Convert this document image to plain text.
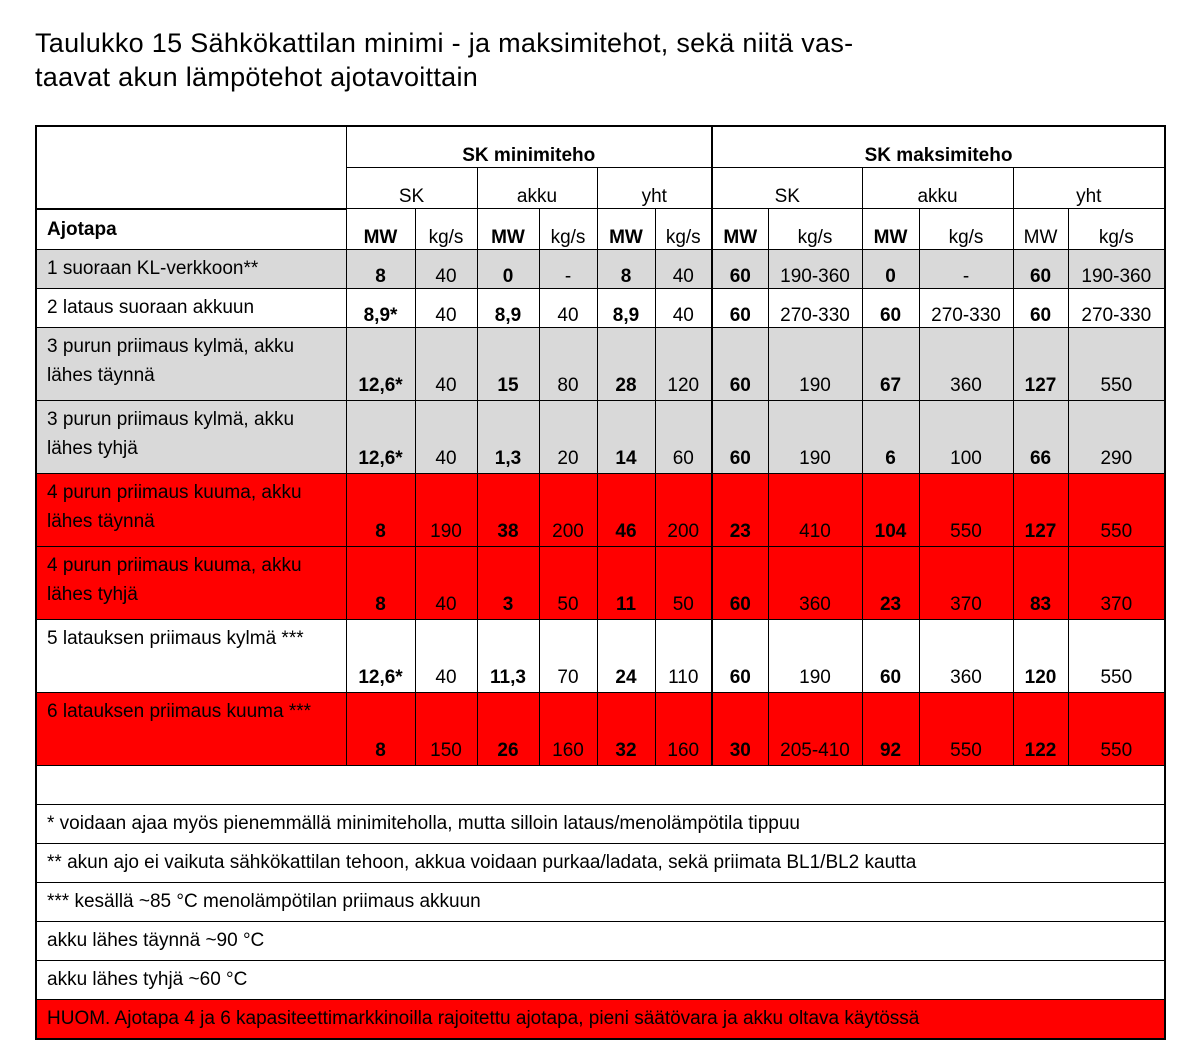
Taulukko 15 Sähkökattilan minimi - ja maksimitehot, sekä niitä vas-
taavat akun lämpötehot ajotavoittain
	SK minimiteho						SK maksimiteho					
	SK		akku		yht		SK		akku		yht	
Ajotapa	MW	kg/s	MW	kg/s	MW	kg/s	MW	kg/s	MW	kg/s	MW	kg/s
1 suoraan KL-verkkoon**	8	40	0	-	8	40	60	190-360	0	-	60	190-360
2 lataus suoraan akkuun	8,9*	40	8,9	40	8,9	40	60	270-330	60	270-330	60	270-330
3 purun priimaus kylmä, akku lähes täynnä	12,6*	40	15	80	28	120	60	190	67	360	127	550
3 purun priimaus kylmä, akku lähes tyhjä	12,6*	40	1,3	20	14	60	60	190	6	100	66	290
4 purun priimaus kuuma, akku lähes täynnä	8	190	38	200	46	200	23	410	104	550	127	550
4 purun priimaus kuuma, akku lähes tyhjä	8	40	3	50	11	50	60	360	23	370	83	370
5 latauksen priimaus kylmä ***	12,6*	40	11,3	70	24	110	60	190	60	360	120	550
6 latauksen priimaus kuuma ***	8	150	26	160	32	160	30	205-410	92	550	122	550

* voidaan ajaa myös pienemmällä minimiteholla, mutta silloin lataus/menolämpötila tippuu												
** akun ajo ei vaikuta sähkökattilan tehoon, akkua voidaan purkaa/ladata, sekä priimata BL1/BL2 kautta												
*** kesällä ~85 °C menolämpötilan priimaus akkuun												
akku lähes täynnä ~90 °C												
akku lähes tyhjä ~60 °C												
HUOM. Ajotapa 4 ja 6 kapasiteettimarkkinoilla rajoitettu ajotapa, pieni säätövara ja akku oltava käytössä												
